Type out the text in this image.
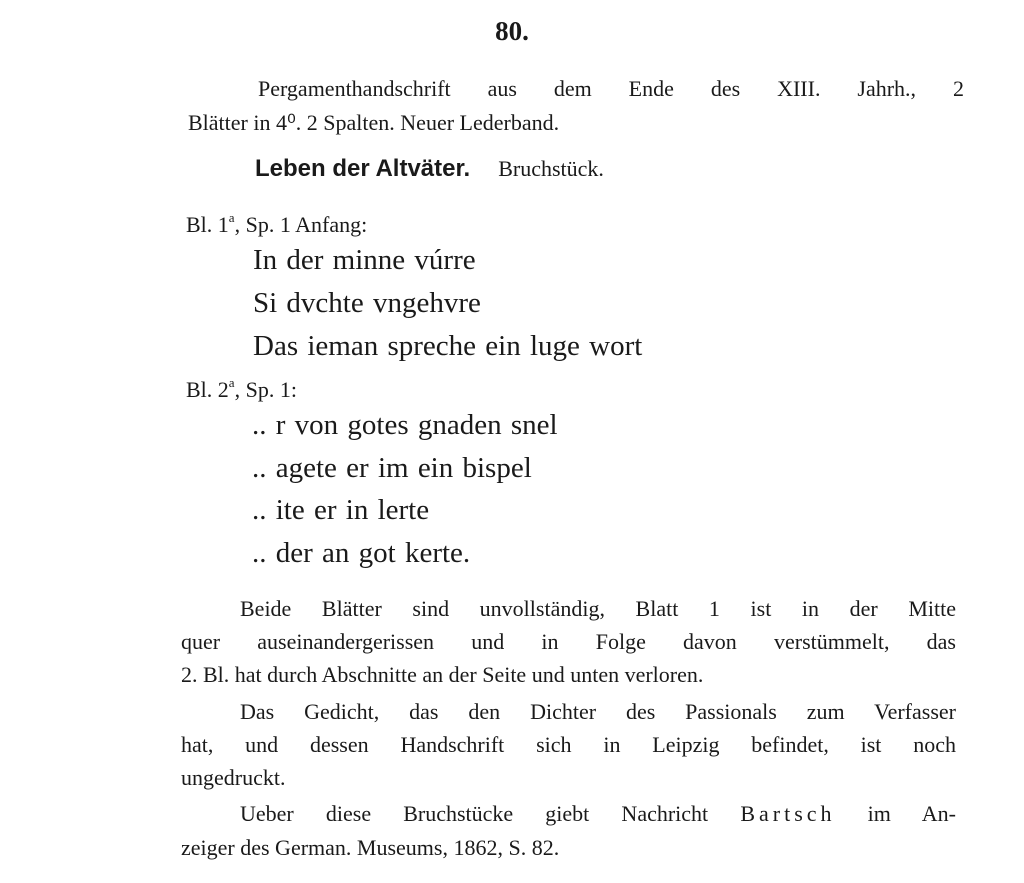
80.
Pergamenthandschrift aus dem Ende des XIII. Jahrh., 2
Blätter in 4⁰. 2 Spalten. Neuer Lederband.
Leben der Altväter. Bruchstück.
Bl. 1$^a$, Sp. 1 Anfang:
In der minne vúrre
Si dvchte vngehvre
Das ieman spreche ein luge wort
Bl. 2$^a$, Sp. 1:
.. r von gotes gnaden snel
.. agete er im ein bispel
.. ite er in lerte
.. der an got kerte.
Beide Blätter sind unvollständig, Blatt 1 ist in der Mitte
quer auseinandergerissen und in Folge davon verstümmelt, das
2. Bl. hat durch Abschnitte an der Seite und unten verloren.
Das Gedicht, das den Dichter des Passionals zum Verfasser
hat, und dessen Handschrift sich in Leipzig befindet, ist noch
ungedruckt.
Ueber diese Bruchstücke giebt Nachricht Bartsch im An-
zeiger des German. Museums, 1862, S. 82.
